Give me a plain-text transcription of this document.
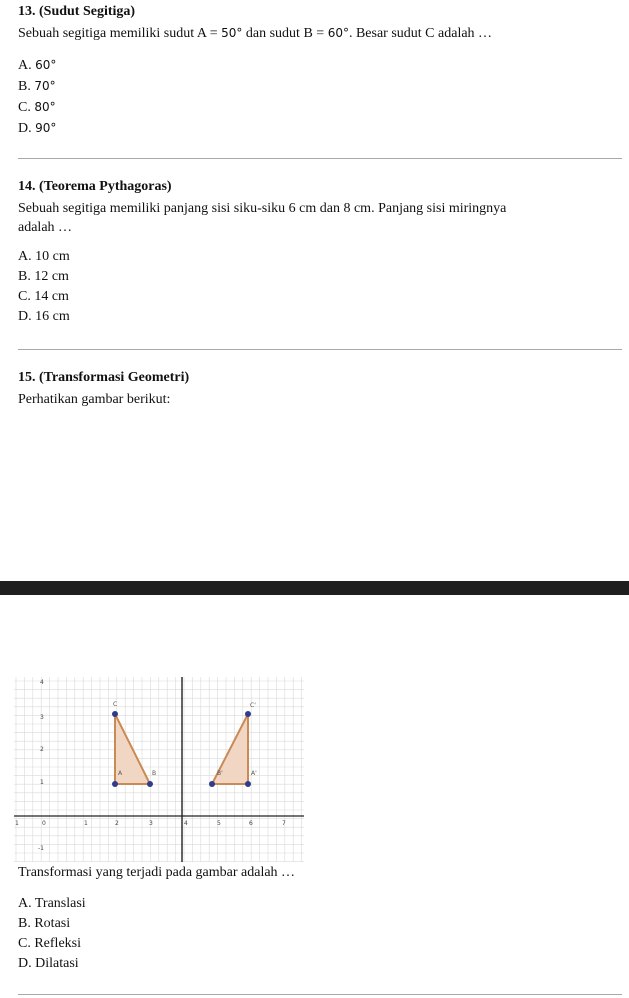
13. (Sudut Segitiga)
Sebuah segitiga memiliki sudut A = 50° dan sudut B = 60°. Besar sudut C adalah …
A. 60°
B. 70°
C. 80°
D. 90°
14. (Teorema Pythagoras)
Sebuah segitiga memiliki panjang sisi siku-siku 6 cm dan 8 cm. Panjang sisi miringnya
adalah …
A. 10 cm
B. 12 cm
C. 14 cm
D. 16 cm
15. (Transformasi Geometri)
Perhatikan gambar berikut:
4
3
2
1
-1
1	0	1	2	3	4	5	6	7
C
A	B
C'
B'	A'
Transformasi yang terjadi pada gambar adalah …
A. Translasi
B. Rotasi
C. Refleksi
D. Dilatasi
